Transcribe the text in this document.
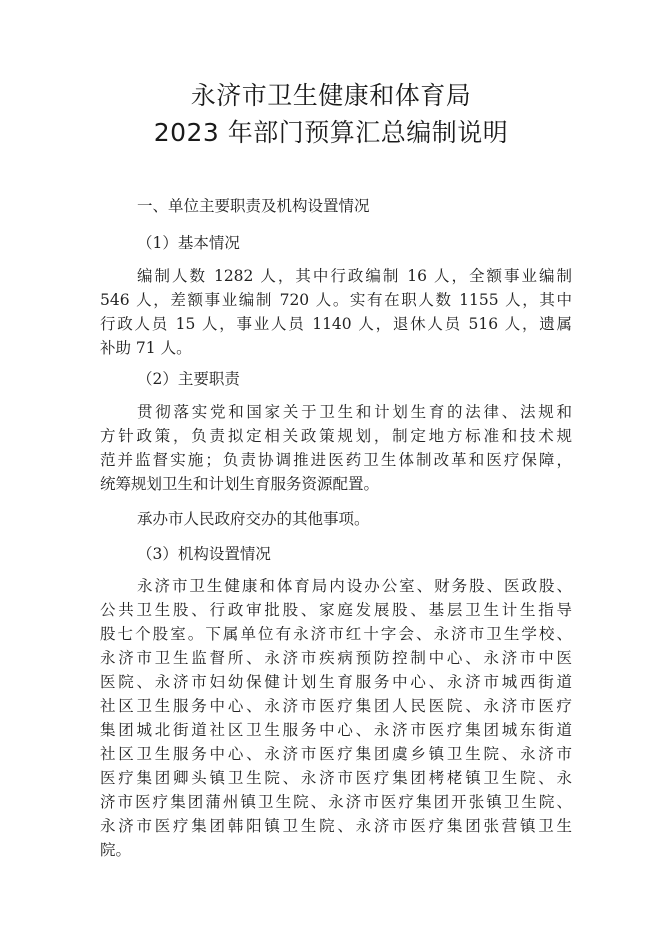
永济市卫生健康和体育局
2023 年部门预算汇总编制说明
一、单位主要职责及机构设置情况
（1）基本情况
编制人数 1282 人，其中行政编制 16 人，全额事业编制
546 人，差额事业编制 720 人。实有在职人数 1155 人，其中
行政人员 15 人，事业人员 1140 人，退休人员 516 人，遗属
补助 71 人。
（2）主要职责
贯彻落实党和国家关于卫生和计划生育的法律、法规和
方针政策，负责拟定相关政策规划，制定地方标准和技术规
范并监督实施；负责协调推进医药卫生体制改革和医疗保障，
统筹规划卫生和计划生育服务资源配置。
承办市人民政府交办的其他事项。
（3）机构设置情况
永济市卫生健康和体育局内设办公室、财务股、医政股、
公共卫生股、行政审批股、家庭发展股、基层卫生计生指导
股七个股室。下属单位有永济市红十字会、永济市卫生学校、
永济市卫生监督所、永济市疾病预防控制中心、永济市中医
医院、永济市妇幼保健计划生育服务中心、永济市城西街道
社区卫生服务中心、永济市医疗集团人民医院、永济市医疗
集团城北街道社区卫生服务中心、永济市医疗集团城东街道
社区卫生服务中心、永济市医疗集团虞乡镇卫生院、永济市
医疗集团卿头镇卫生院、永济市医疗集团栲栳镇卫生院、永
济市医疗集团蒲州镇卫生院、永济市医疗集团开张镇卫生院、
永济市医疗集团韩阳镇卫生院、永济市医疗集团张营镇卫生
院。
